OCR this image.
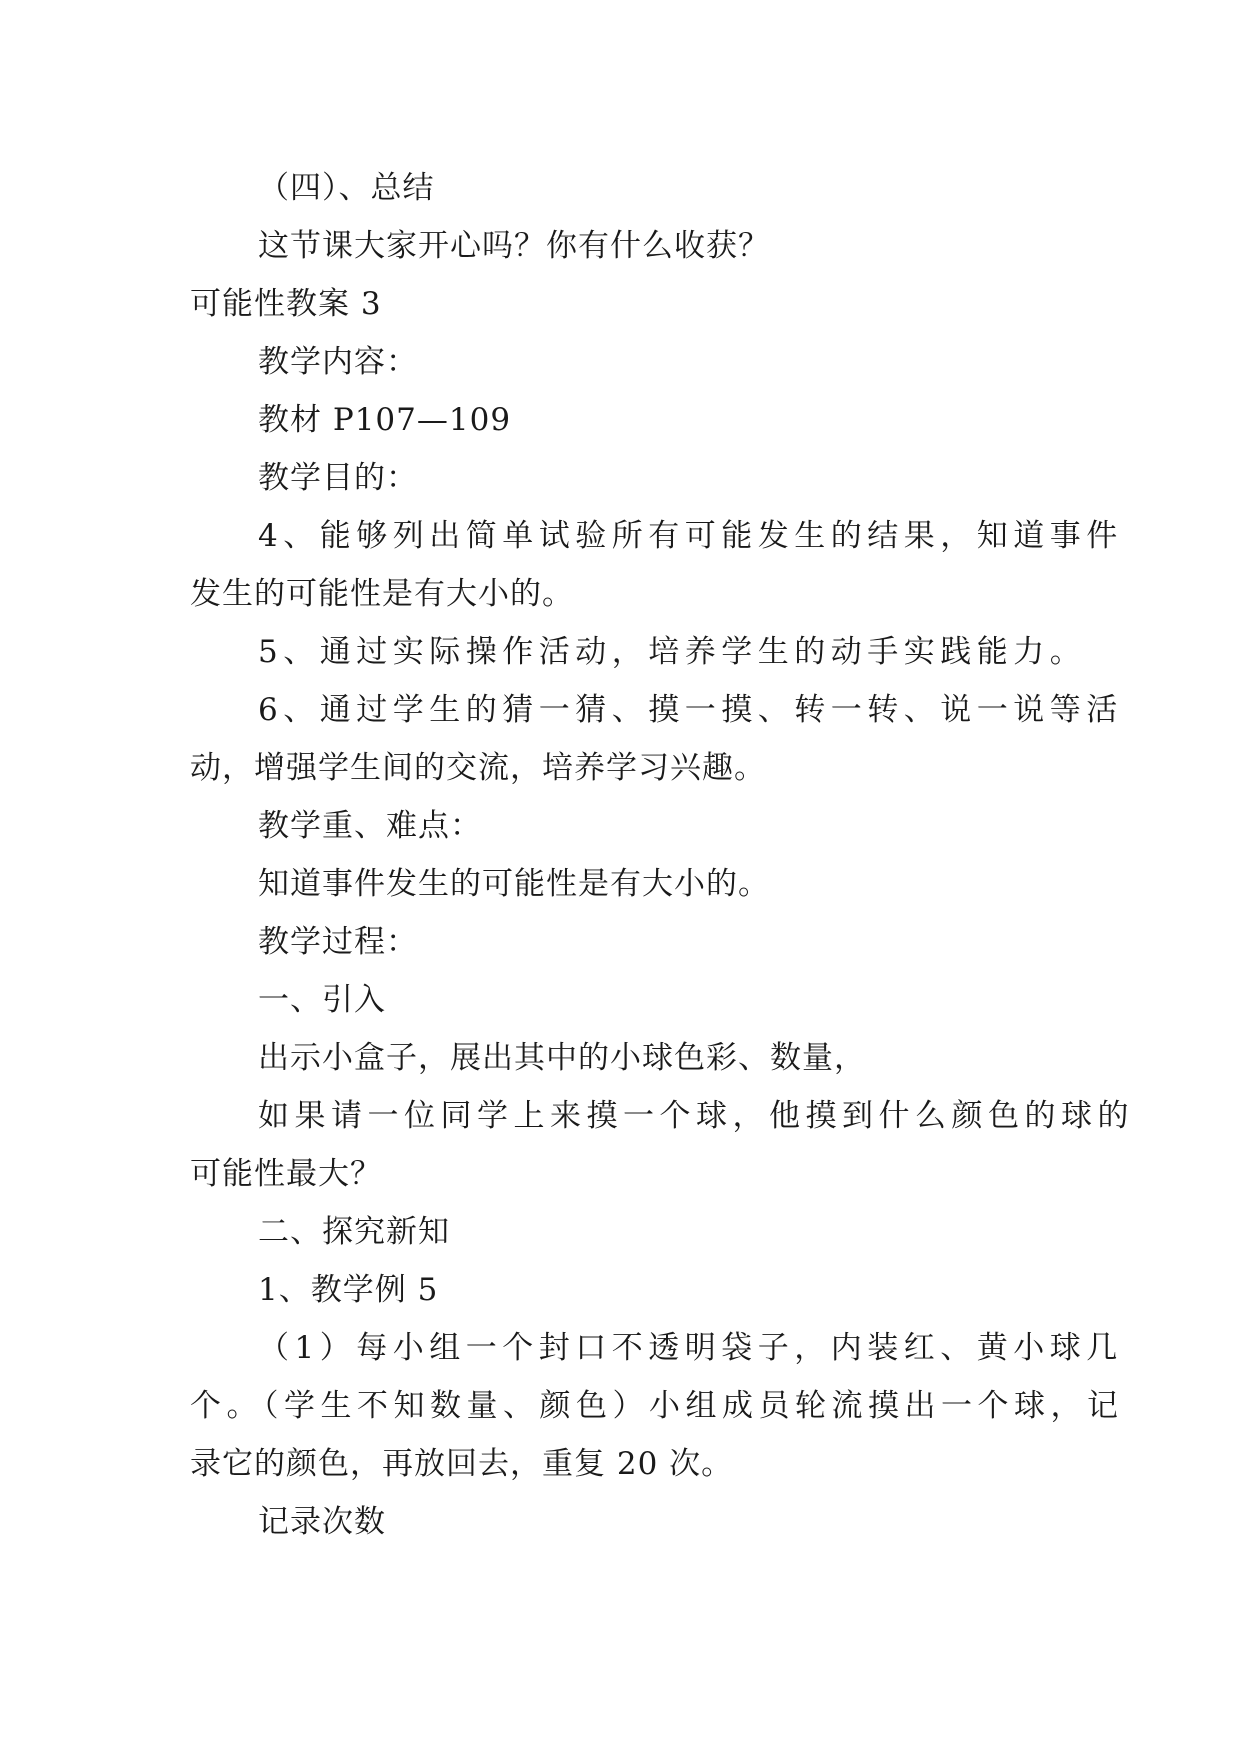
（四）、总结
这节课大家开心吗？你有什么收获？
可能性教案 3
教学内容：
教材 P107—109
教学目的：
4、能够列出简单试验所有可能发生的结果，知道事件
发生的可能性是有大小的。
5、通过实际操作活动，培养学生的动手实践能力。
6、通过学生的猜一猜、摸一摸、转一转、说一说等活
动，增强学生间的交流，培养学习兴趣。
教学重、难点：
知道事件发生的可能性是有大小的。
教学过程：
一、引入
出示小盒子，展出其中的小球色彩、数量，
如果请一位同学上来摸一个球，他摸到什么颜色的球的
可能性最大？
二、探究新知
1、教学例 5
（1）每小组一个封口不透明袋子，内装红、黄小球几
个。（学生不知数量、颜色）小组成员轮流摸出一个球，记
录它的颜色，再放回去，重复 20 次。
记录次数
